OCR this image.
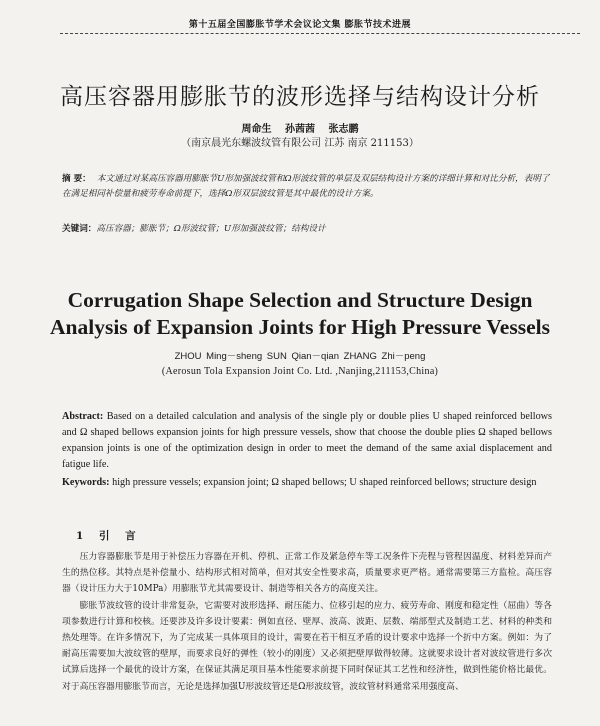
第十五届全国膨胀节学术会议论文集 膨胀节技术进展
高压容器用膨胀节的波形选择与结构设计分析
周命生 孙茜茜 张志鹏
（南京晨光东螺波纹管有限公司 江苏 南京 211153）
摘 要： 本文通过对某高压容器用膨胀节U形加强波纹管和Ω形波纹管的单层及双层结构设计方案的详细计算和对比分析，表明了在满足相同补偿量和疲劳寿命前提下，选择Ω形双层波纹管是其中最优的设计方案。
关键词：高压容器；膨胀节；Ω形波纹管；U形加强波纹管；结构设计
Corrugation Shape Selection and Structure Design
Analysis of Expansion Joints for High Pressure Vessels
ZHOU Ming－sheng SUN Qian－qian ZHANG Zhi－peng
(Aerosun Tola Expansion Joint Co. Ltd. ,Nanjing,211153,China)
Abstract: Based on a detailed calculation and analysis of the single ply or double plies U shaped reinforced bellows and Ω shaped bellows expansion joints for high pressure vessels, show that choose the double plies Ω shaped bellows expansion joints is one of the optimization design in order to meet the demand of the same axial displacement and fatigue life.
Keywords: high pressure vessels; expansion joint; Ω shaped bellows; U shaped reinforced bellows; structure design
1 引 言

压力容器膨胀节是用于补偿压力容器在开机、停机、正常工作及紧急停车等工况条件下壳程与管程因温度、材料差异而产生的热位移。其特点是补偿量小、结构形式相对简单，但对其安全性要求高，质量要求更严格。通常需要第三方监检。高压容器（设计压力大于10MPa）用膨胀节尤其需要设计、制造等相关各方的高度关注。

膨胀节波纹管的设计非常复杂，它需要对波形选择、耐压能力、位移引起的应力、疲劳寿命、刚度和稳定性（屈曲）等各项参数进行计算和校核。还要涉及许多设计要素：例如直径、壁厚、波高、波距、层数、端部型式及制造工艺、材料的种类和热处理等。在许多情况下，为了完成某一具体项目的设计，需要在若干相互矛盾的设计要求中选择一个折中方案。例如：为了耐高压需要加大波纹管的壁厚，而要求良好的弹性（较小的刚度）又必须把壁厚做得较薄。这就要求设计者对波纹管进行多次试算后选择一个最优的设计方案，在保证其满足项目基本性能要求前提下同时保证其工艺性和经济性，做到性能价格比最优。对于高压容器用膨胀节而言，无论是选择加强U形波纹管还是Ω形波纹管，波纹管材料通常采用强度高、
